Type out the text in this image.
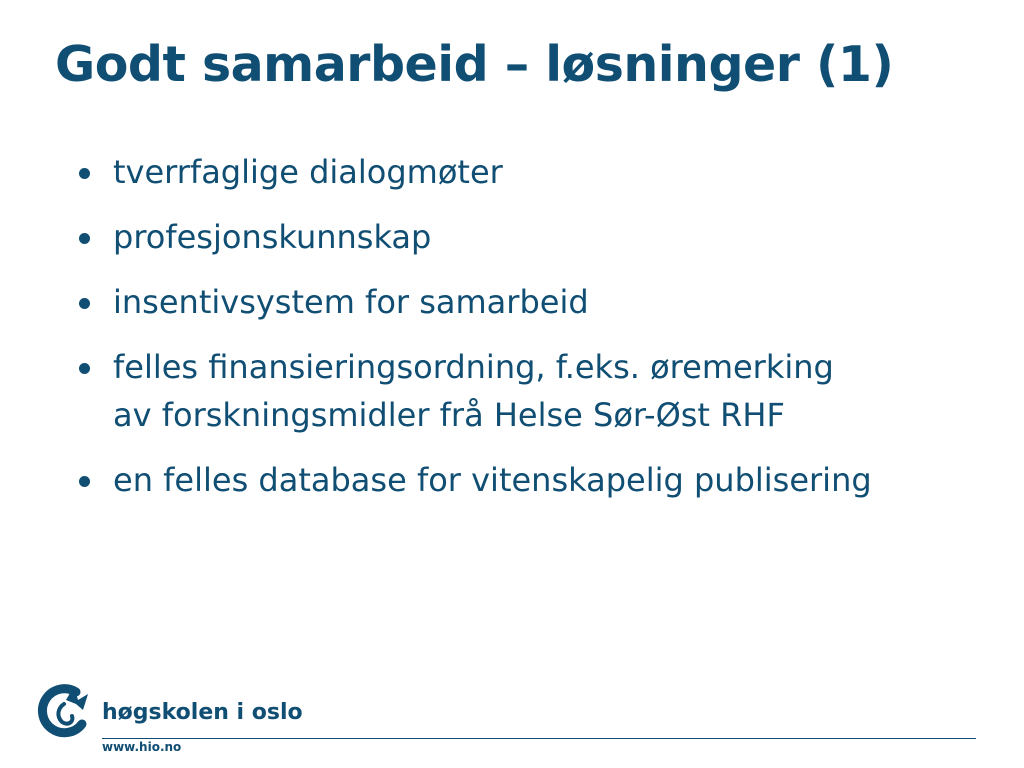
Godt samarbeid – løsninger (1)
tverrfaglige dialogmøter
profesjonskunnskap
insentivsystem for samarbeid
felles finansieringsordning, f.eks. øremerking
av forskningsmidler frå Helse Sør-Øst RHF
en felles database for vitenskapelig publisering
høgskolen i oslo
www.hio.no
